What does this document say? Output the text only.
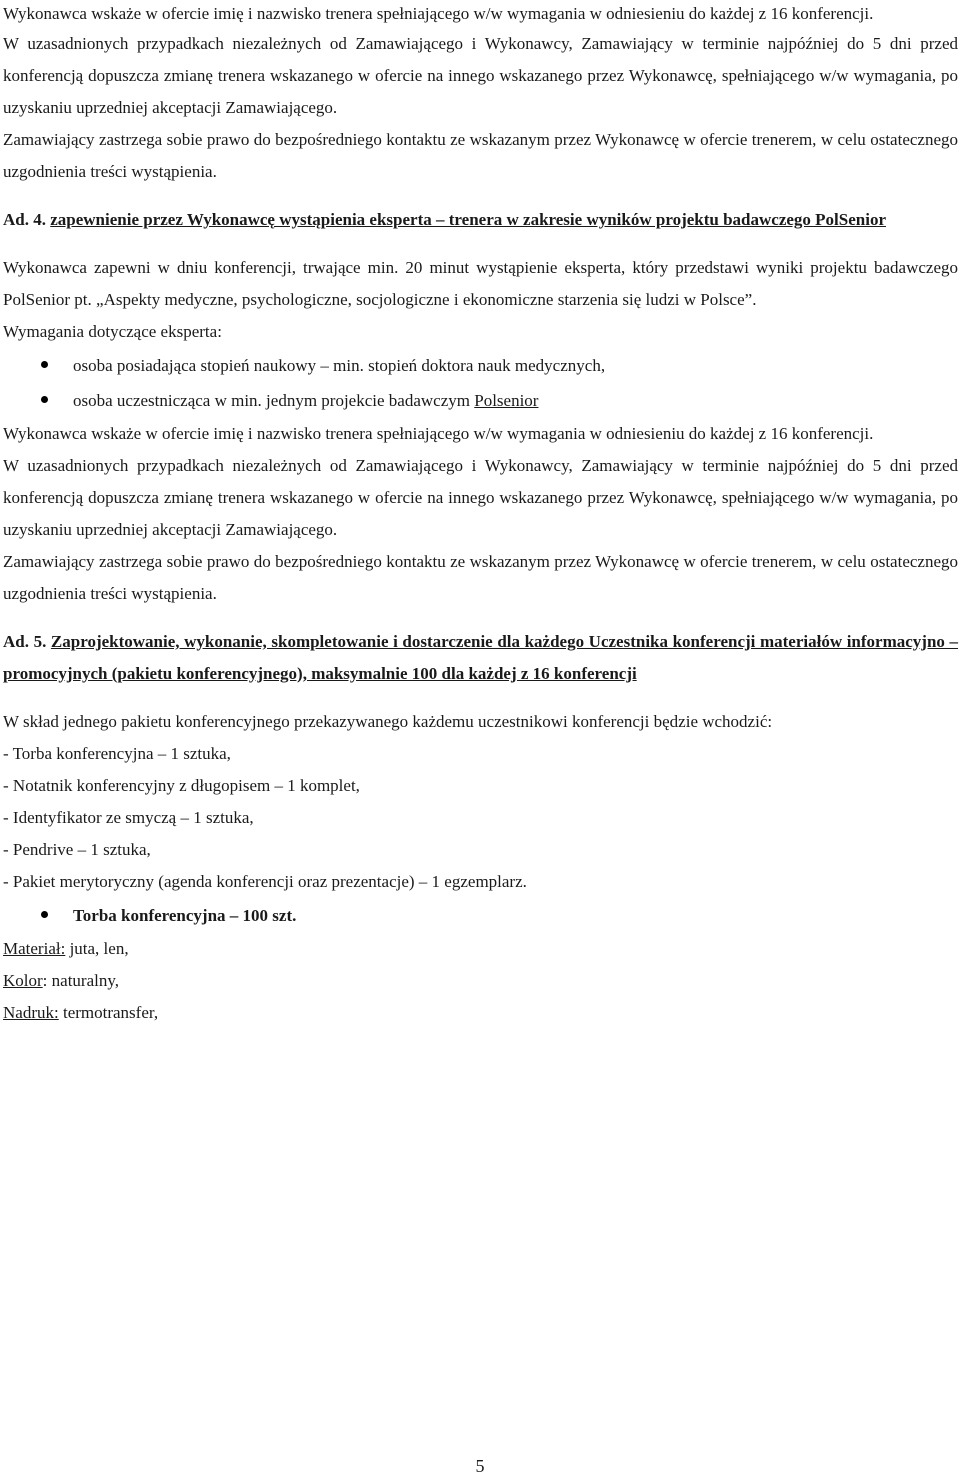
Wykonawca wskaże w ofercie imię i nazwisko trenera spełniającego w/w wymagania w odniesieniu do każdej z 16 konferencji.

W uzasadnionych przypadkach niezależnych od Zamawiającego i Wykonawcy, Zamawiający w terminie najpóźniej do 5 dni przed konferencją dopuszcza zmianę trenera wskazanego w ofercie na innego wskazanego przez Wykonawcę, spełniającego w/w wymagania, po uzyskaniu uprzedniej akceptacji Zamawiającego.

Zamawiający zastrzega sobie prawo do bezpośredniego kontaktu ze wskazanym przez Wykonawcę w ofercie trenerem, w celu ostatecznego uzgodnienia treści wystąpienia.

Ad. 4. zapewnienie przez Wykonawcę wystąpienia eksperta – trenera w zakresie wyników projektu badawczego PolSenior

Wykonawca zapewni w dniu konferencji, trwające min. 20 minut wystąpienie eksperta, który przedstawi wyniki projektu badawczego PolSenior pt. „Aspekty medyczne, psychologiczne, socjologiczne i ekonomiczne starzenia się ludzi w Polsce”.

Wymagania dotyczące eksperta:

osoba posiadająca stopień naukowy – min. stopień doktora nauk medycznych,
osoba uczestnicząca w min. jednym projekcie badawczym Polsenior

Wykonawca wskaże w ofercie imię i nazwisko trenera spełniającego w/w wymagania w odniesieniu do każdej z 16 konferencji.

W uzasadnionych przypadkach niezależnych od Zamawiającego i Wykonawcy, Zamawiający w terminie najpóźniej do 5 dni przed konferencją dopuszcza zmianę trenera wskazanego w ofercie na innego wskazanego przez Wykonawcę, spełniającego w/w wymagania, po uzyskaniu uprzedniej akceptacji Zamawiającego.

Zamawiający zastrzega sobie prawo do bezpośredniego kontaktu ze wskazanym przez Wykonawcę w ofercie trenerem, w celu ostatecznego uzgodnienia treści wystąpienia.

Ad. 5. Zaprojektowanie, wykonanie, skompletowanie i dostarczenie dla każdego Uczestnika konferencji materiałów informacyjno – promocyjnych (pakietu konferencyjnego), maksymalnie 100 dla każdej z 16 konferencji

W skład jednego pakietu konferencyjnego przekazywanego każdemu uczestnikowi konferencji będzie wchodzić:

- Torba konferencyjna – 1 sztuka,
- Notatnik konferencyjny z długopisem – 1 komplet,
- Identyfikator ze smyczą – 1 sztuka,
- Pendrive – 1 sztuka,
- Pakiet merytoryczny (agenda konferencji oraz prezentacje) – 1 egzemplarz.
Torba konferencyjna – 100 szt.

Materiał: juta, len,

Kolor: naturalny,

Nadruk: termotransfer,

5
